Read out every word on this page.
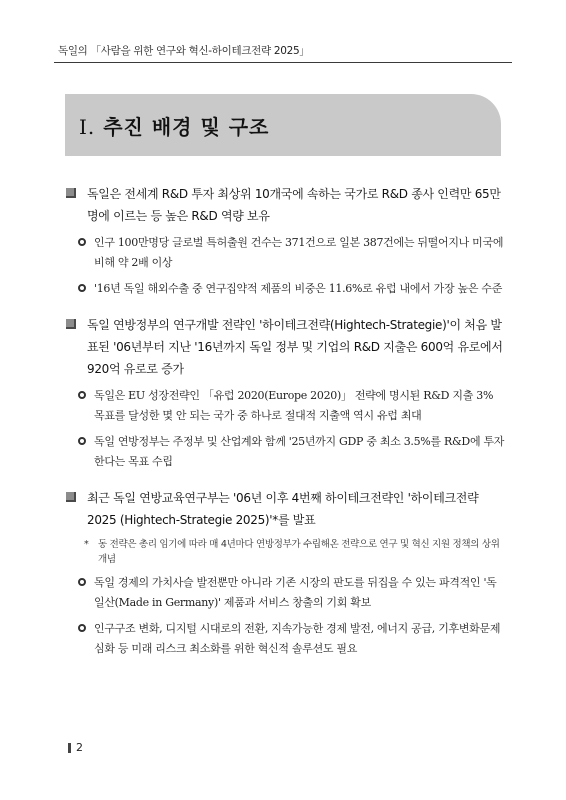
독일의 「사람을 위한 연구와 혁신-하이테크전략 2025」
Ⅰ. 추진 배경 및 구조

독일은 전세계 R&D 투자 최상위 10개국에 속하는 국가로 R&D 종사 인력만 65만 명에 이르는 등 높은 R&D 역량 보유

인구 100만명당 글로벌 특허출원 건수는 371건으로 일본 387건에는 뒤떨어지나 미국에 비해 약 2배 이상

'16년 독일 해외수출 중 연구집약적 제품의 비중은 11.6%로 유럽 내에서 가장 높은 수준

독일 연방정부의 연구개발 전략인 '하이테크전략(Hightech-Strategie)'이 처음 발표된 '06년부터 지난 '16년까지 독일 정부 및 기업의 R&D 지출은 600억 유로에서 920억 유로로 증가

독일은 EU 성장전략인 「유럽 2020(Europe 2020)」 전략에 명시된 R&D 지출 3% 목표를 달성한 몇 안 되는 국가 중 하나로 절대적 지출액 역시 유럽 최대

독일 연방정부는 주정부 및 산업계와 함께 '25년까지 GDP 중 최소 3.5%를 R&D에 투자한다는 목표 수립

최근 독일 연방교육연구부는 '06년 이후 4번째 하이테크전략인 '하이테크전략 2025 (Hightech-Strategie 2025)'*를 발표

* 동 전략은 총리 임기에 따라 매 4년마다 연방정부가 수립해온 전략으로 연구 및 혁신 지원 정책의 상위개념

독일 경제의 가치사슬 발전뿐만 아니라 기존 시장의 판도를 뒤집을 수 있는 파격적인 '독일산(Made in Germany)' 제품과 서비스 창출의 기회 확보

인구구조 변화, 디지털 시대로의 전환, 지속가능한 경제 발전, 에너지 공급, 기후변화문제 심화 등 미래 리스크 최소화를 위한 혁신적 솔루션도 필요

2
